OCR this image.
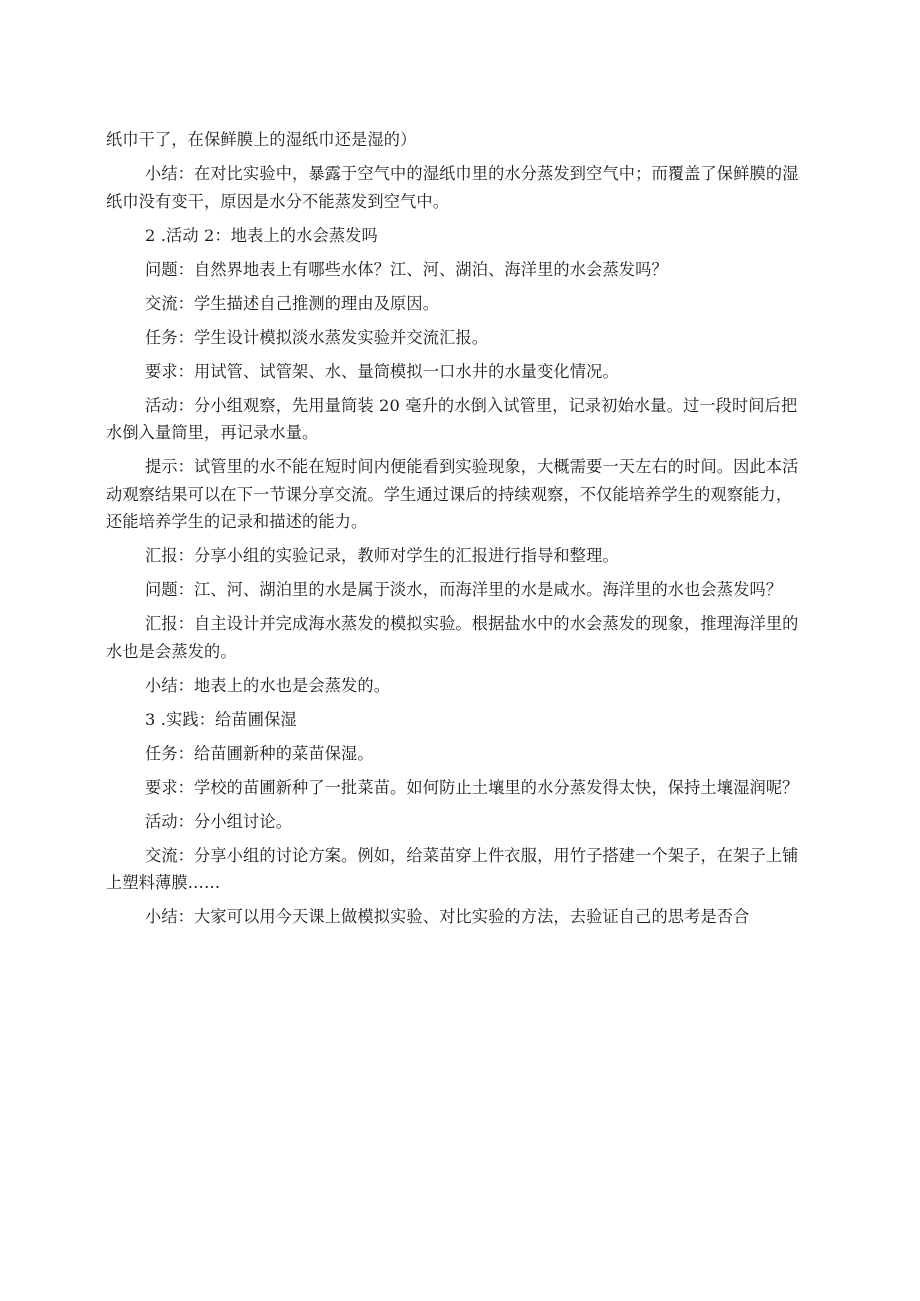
纸巾干了，在保鲜膜上的湿纸巾还是湿的）
小结：在对比实验中，暴露于空气中的湿纸巾里的水分蒸发到空气中；而覆盖了保鲜膜的湿
纸巾没有变干，原因是水分不能蒸发到空气中。
2 .活动 2：地表上的水会蒸发吗
问题：自然界地表上有哪些水体？江、河、湖泊、海洋里的水会蒸发吗？
交流：学生描述自己推测的理由及原因。
任务：学生设计模拟淡水蒸发实验并交流汇报。
要求：用试管、试管架、水、量筒模拟一口水井的水量变化情况。
活动：分小组观察，先用量筒装 20 毫升的水倒入试管里，记录初始水量。过一段时间后把
水倒入量筒里，再记录水量。
提示：试管里的水不能在短时间内便能看到实验现象，大概需要一天左右的时间。因此本活
动观察结果可以在下一节课分享交流。学生通过课后的持续观察，不仅能培养学生的观察能力，
还能培养学生的记录和描述的能力。
汇报：分享小组的实验记录，教师对学生的汇报进行指导和整理。
问题：江、河、湖泊里的水是属于淡水，而海洋里的水是咸水。海洋里的水也会蒸发吗？
汇报：自主设计并完成海水蒸发的模拟实验。根据盐水中的水会蒸发的现象，推理海洋里的
水也是会蒸发的。
小结：地表上的水也是会蒸发的。
3 .实践：给苗圃保湿
任务：给苗圃新种的菜苗保湿。
要求：学校的苗圃新种了一批菜苗。如何防止土壤里的水分蒸发得太快，保持土壤湿润呢？
活动：分小组讨论。
交流：分享小组的讨论方案。例如，给菜苗穿上件衣服，用竹子搭建一个架子，在架子上铺
上塑料薄膜……
小结：大家可以用今天课上做模拟实验、对比实验的方法，去验证自己的思考是否合
